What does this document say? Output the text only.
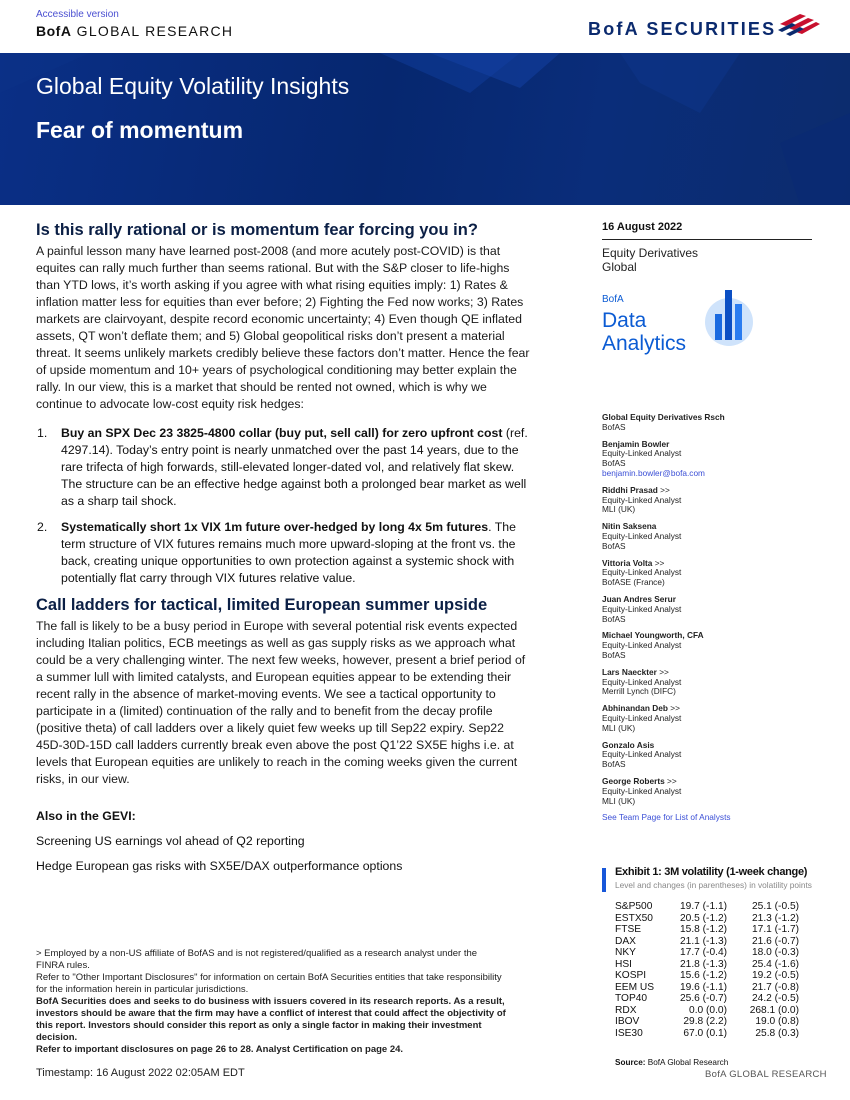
Accessible version
BofA GLOBAL RESEARCH	BofA SECURITIES
Global Equity Volatility Insights
Fear of momentum
Is this rally rational or is momentum fear forcing you in?

A painful lesson many have learned post-2008 (and more acutely post-COVID) is that equites can rally much further than seems rational. But with the S&P closer to life-highs than YTD lows, it’s worth asking if you agree with what rising equities imply: 1) Rates & inflation matter less for equities than ever before; 2) Fighting the Fed now works; 3) Rates markets are clairvoyant, despite record economic uncertainty; 4) Even though QE inflated assets, QT won’t deflate them; and 5) Global geopolitical risks don’t present a material threat. It seems unlikely markets credibly believe these factors don’t matter. Hence the fear of upside momentum and 10+ years of psychological conditioning may better explain the rally. In our view, this is a market that should be rented not owned, which is why we continue to advocate low-cost equity risk hedges:

1. Buy an SPX Dec 23 3825-4800 collar (buy put, sell call) for zero upfront cost (ref. 4297.14). Today’s entry point is nearly unmatched over the past 14 years, due to the rare trifecta of high forwards, still-elevated longer-dated vol, and relatively flat skew. The structure can be an effective hedge against both a prolonged bear market as well as a sharp tail shock.
2. Systematically short 1x VIX 1m future over-hedged by long 4x 5m futures. The term structure of VIX futures remains much more upward-sloping at the front vs. the back, creating unique opportunities to own protection against a systemic shock with potentially flat carry through VIX futures relative value.
Call ladders for tactical, limited European summer upside

The fall is likely to be a busy period in Europe with several potential risk events expected including Italian politics, ECB meetings as well as gas supply risks as we approach what could be a very challenging winter. The next few weeks, however, present a brief period of a summer lull with limited catalysts, and European equities appear to be extending their recent rally in the absence of market-moving events. We see a tactical opportunity to participate in a (limited) continuation of the rally and to benefit from the decay profile (positive theta) of call ladders over a likely quiet few weeks up till Sep22 expiry. Sep22 45D-30D-15D call ladders currently break even above the post Q1’22 SX5E highs i.e. at levels that European equities are unlikely to reach in the coming weeks given the current risks, in our view.

Also in the GEVI:
Screening US earnings vol ahead of Q2 reporting
Hedge European gas risks with SX5E/DAX outperformance options
> Employed by a non-US affiliate of BofAS and is not registered/qualified as a research analyst under the FINRA rules.
Refer to "Other Important Disclosures" for information on certain BofA Securities entities that take responsibility for the information herein in particular jurisdictions.
BofA Securities does and seeks to do business with issuers covered in its research reports. As a result, investors should be aware that the firm may have a conflict of interest that could affect the objectivity of this report. Investors should consider this report as only a single factor in making their investment decision.
Refer to important disclosures on page 26 to 28. Analyst Certification on page 24.
Timestamp: 16 August 2022 02:05AM EDT
16 August 2022
Equity Derivatives
Global
BofA
Data
Analytics
Global Equity Derivatives Rsch
BofAS
Benjamin Bowler
Equity-Linked Analyst
BofAS
benjamin.bowler@bofa.com
Riddhi Prasad >>
Equity-Linked Analyst
MLI (UK)
Nitin Saksena
Equity-Linked Analyst
BofAS
Vittoria Volta >>
Equity-Linked Analyst
BofASE (France)
Juan Andres Serur
Equity-Linked Analyst
BofAS
Michael Youngworth, CFA
Equity-Linked Analyst
BofAS
Lars Naeckter >>
Equity-Linked Analyst
Merrill Lynch (DIFC)
Abhinandan Deb >>
Equity-Linked Analyst
MLI (UK)
Gonzalo Asis
Equity-Linked Analyst
BofAS
George Roberts >>
Equity-Linked Analyst
MLI (UK)
See Team Page for List of Analysts
Exhibit 1: 3M volatility (1-week change)
Level and changes (in parentheses) in volatility points
S&P500	19.7 (-1.1)	25.1 (-0.5)
ESTX50	20.5 (-1.2)	21.3 (-1.2)
FTSE	15.8 (-1.2)	17.1 (-1.7)
DAX	21.1 (-1.3)	21.6 (-0.7)
NKY	17.7 (-0.4)	18.0 (-0.3)
HSI	21.8 (-1.3)	25.4 (-1.6)
KOSPI	15.6 (-1.2)	19.2 (-0.5)
EEM US	19.6 (-1.1)	21.7 (-0.8)
TOP40	25.6 (-0.7)	24.2 (-0.5)
RDX	0.0 (0.0)	268.1 (0.0)
IBOV	29.8 (2.2)	19.0 (0.8)
ISE30	67.0 (0.1)	25.8 (0.3)
Source: BofA Global Research
BofA GLOBAL RESEARCH
